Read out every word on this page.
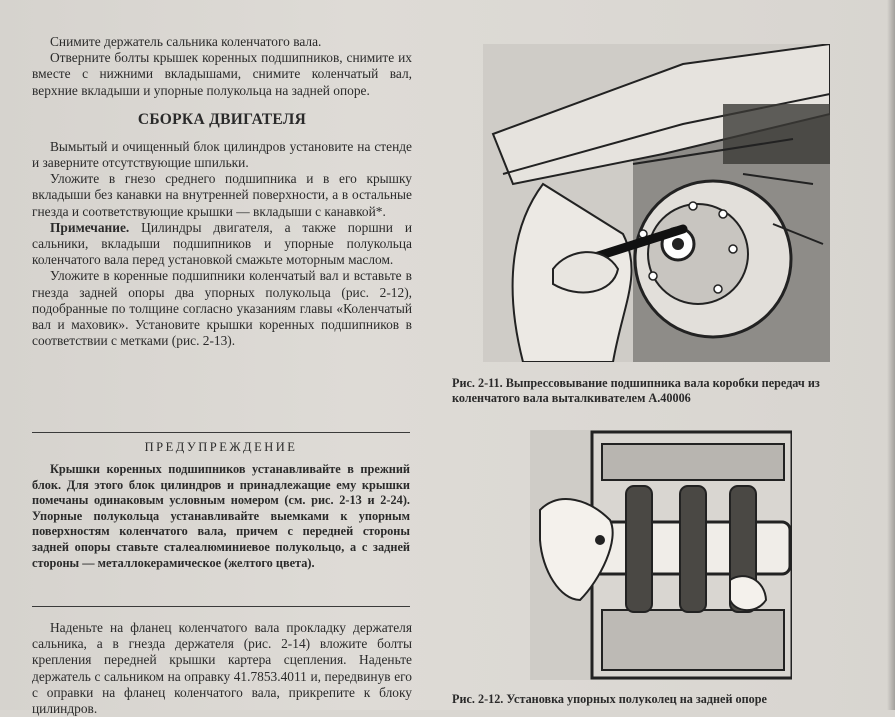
Снимите держатель сальника коленчатого вала.

Отверните болты крышек коренных подшипников, снимите их вместе с нижними вкладышами, снимите коленчатый вал, верхние вкладыши и упорные полукольца на задней опоре.

СБОРКА ДВИГАТЕЛЯ

Вымытый и очищенный блок цилиндров установите на стенде и заверните отсутствующие шпильки.

Уложите в гнезо среднего подшипника и в его крышку вкладыши без канавки на внутренней поверхности, а в остальные гнезда и соответствующие крышки — вкладыши с канавкой*.

Примечание. Цилиндры двигателя, а также поршни и сальники, вкладыши подшипников и упорные полукольца коленчатого вала перед установкой смажьте моторным маслом.

Уложите в коренные подшипники коленчатый вал и вставьте в гнезда задней опоры два упорных полукольца (рис. 2-12), подобранные по толщине согласно указаниям главы «Коленчатый вал и маховик». Установите крышки коренных подшипников в соответствии с метками (рис. 2-13).

ПРЕДУПРЕЖДЕНИЕ

Крышки коренных подшипников устанавливайте в прежний блок. Для этого блок цилиндров и принадлежащие ему крышки помечаны одинаковым условным номером (см. рис. 2-13 и 2-24). Упорные полукольца устанавливайте выемками к упорным поверхностям коленчатого вала, причем с передней стороны задней опоры ставьте сталеалюминиевое полукольцо, а с задней стороны — металлокерамическое (желтого цвета).

Наденьте на фланец коленчатого вала прокладку держателя сальника, а в гнезда держателя (рис. 2-14) вложите болты крепления передней крышки картера сцепления. Наденьте держатель с сальником на оправку 41.7853.4011 и, передвинув его с оправки на фланец коленчатого вала, прикрепите к блоку цилиндров.

Рис. 2-11. Выпрессовывание подшипника вала коробки передач из коленчатого вала выталкивателем А.40006
Рис. 2-12. Установка упорных полуколец на задней опоре
